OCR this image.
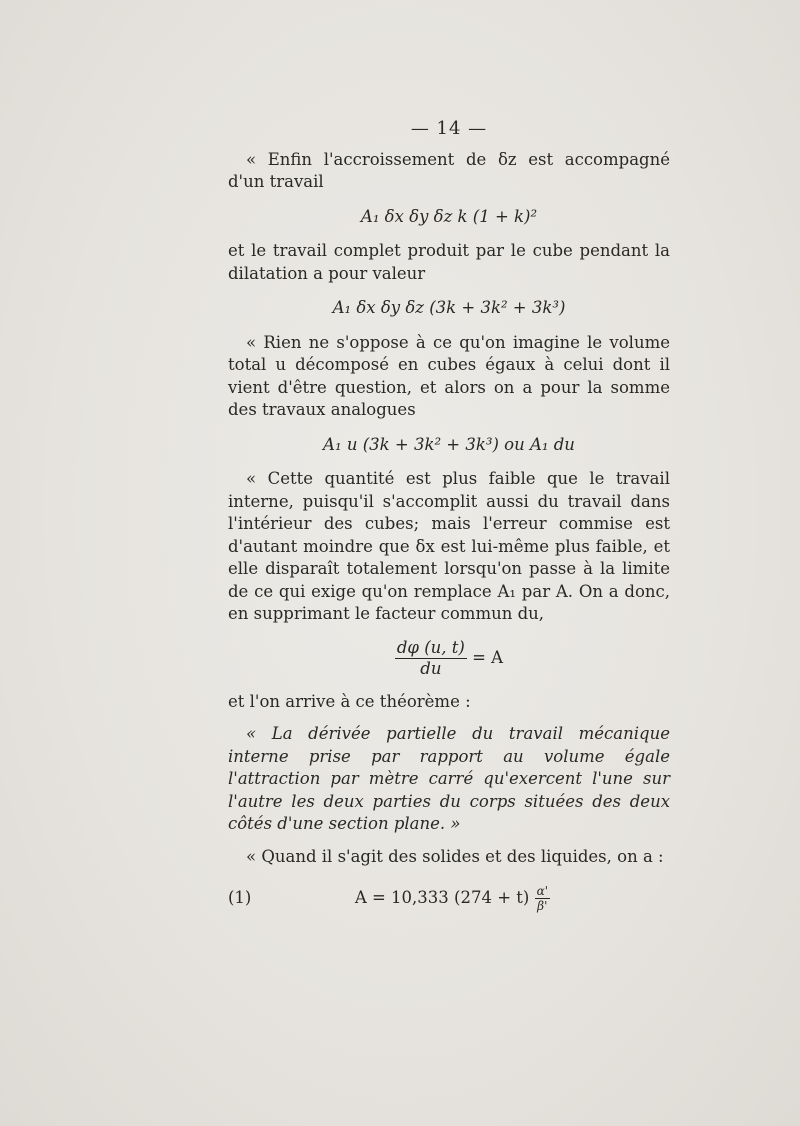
— 14 —

« Enfin l'accroissement de δz est accompagné d'un travail

A₁ δx δy δz k (1 + k)²

et le travail complet produit par le cube pendant la dilatation a pour valeur

A₁ δx δy δz (3k + 3k² + 3k³)

« Rien ne s'oppose à ce qu'on imagine le volume total u décomposé en cubes égaux à celui dont il vient d'être question, et alors on a pour la somme des travaux analogues

A₁ u (3k + 3k² + 3k³) ou A₁ du

« Cette quantité est plus faible que le travail interne, puisqu'il s'accomplit aussi du travail dans l'intérieur des cubes; mais l'erreur commise est d'autant moindre que δx est lui-même plus faible, et elle disparaît totalement lorsqu'on passe à la limite de ce qui exige qu'on remplace A₁ par A. On a donc, en supprimant le facteur commun du,

$\frac{d\varphi (u, t)}{du} = A$

et l'on arrive à ce théorème :

« La dérivée partielle du travail mécanique interne prise par rapport au volume égale l'attraction par mètre carré qu'exercent l'une sur l'autre les deux parties du corps situées des deux côtés d'une section plane. »

« Quand il s'agit des solides et des liquides, on a :

(1)	A = 10,333 $(274 + t) \frac{\alpha'}{\beta'}$
